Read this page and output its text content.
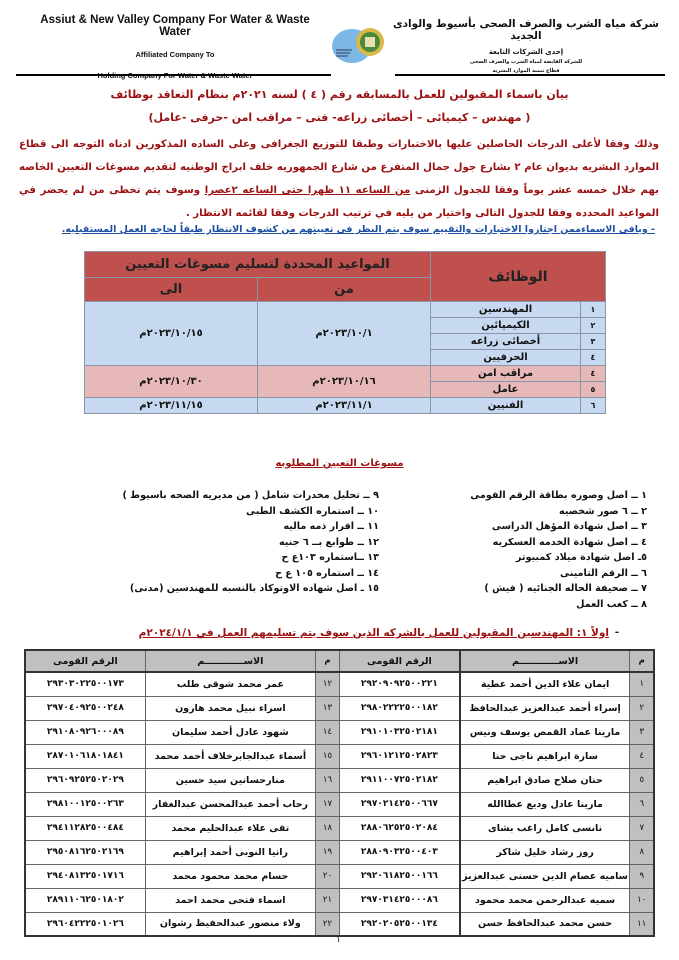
Assiut & New Valley Company For Water & Waste Water
Affiliated Company To
شركة مياه الشرب والصرف الصحى بأسيوط والوادى الجديد
إحدى الشركات التابعة
للشركة القابضة لمياه الشرب والصرف الصحى
قطاع تنمية الموارد البشريه
بيان باسماء المقبولين للعمل بالمسابقه رقم ( ٤ ) لسنه ٢٠٢١م بنظام التعاقد بوظائف
( مهندس – كيميائى – أخصائى زراعه- فنى – مراقب امن -حرفى -عامل)
وذلك وفقا لأعلى الدرجات الحاصلين عليها بالاختبارات وطبقا للتوزيع الجغرافى وعلى الساده المذكورين ادناه التوجه الى قطاع الموارد البشريه بديوان عام ٢ بشارع جول جمال المتفرع من شارع الجمهوريه خلف ابراج الوطنيه لتقديم مسوغات التعيين الخاصه بهم خلال خمسه عشر يوماً وفقا للجدول الزمنى من الساعه ١١ ظهرا حتى الساعه ٢عصرا وسوف يتم تخطى من لم يحضر في المواعيد المحدده وفقا للجدول التالى واختيار من يليه في ترتيب الدرجات وفقا لقائمه الانتظار .
- وباقى الاسماءممن اجتازوا الاختبارات والتقييم سوف يتم النظر فى تعيينهم من كشوف الانتظار طبقاً لحاجه العمل المستقبليه.
الوظائف		المواعيد المحددة لتسليم مسوغات التعيين	
		من	الى
١	المهندسين	٢٠٢٣/١٠/١م	٢٠٢٣/١٠/١٥م
٢	الكيميائين		
٣	أخصائى زراعه		
٤	الحرفيين		
٤	مراقب امن	٢٠٢٣/١٠/١٦م	٢٠٢٣/١٠/٣٠م
٥	عامل		
٦	الفنيين	٢٠٢٣/١١/١م	٢٠٢٣/١١/١٥م
مسوغات التعيين المطلوبه
١ ــ اصل وصوره بطاقة الرقم القومى
٢ ــ ٦ صور شخصيه
٣ ــ اصل شهادة المؤهل الدراسى
٤ ــ اصل شهادة الخدمه العسكريه
٥ـ اصل شهادة ميلاد كمبيوتر
٦ ــ الرقم التامينى
٧ ــ صحيفة الحاله الجنائيه ( فيش )
٨ ــ كعب العمل
٩ ــ تحليل مخدرات شامل ( من مديريه الصحه باسيوط )
١٠ ــ استماره الكشف الطبى
١١ ــ اقرار ذمه ماليه
١٢ ــ طوابع بــ ٦ جنيه
١٣ ــاستماره ١٠٣ع ح
١٤ ــ استماره ١٠٥ ع ح
١٥ ـ اصل شهاده الاوتوكاد بالنسبه للمهندسين (مدنى)
-
اولاً ١: المهندسين المقبولين للعمل بالشركه الذين سوف يتم تسليمهم العمل في ٢٠٢٤/١/١م
م	الاســــــــــــم	الرقم القومى	م	الاســــــــــــم	الرقم القومى
١	ايمان علاء الدين أحمد عطية	٢٩٢٠٩٠٩٢٥٠٠٢٢١	١٢	عمر محمد شوقى طلب	٢٩٣٠٣٠٢٢٥٠٠١٧٣
٢	إسراء أحمد عبدالعزيز عبدالحافظ	٢٩٨٠٢٢٢٢٥٠٠١٨٢	١٣	اسراء نبيل محمد هارون	٢٩٧٠٤٠٩٢٥٠٠٢٤٨
٣	مارينا عماد القمص يوسف ونيس	٢٩١٠١٠٣٢٥٠٢١٨١	١٤	شهود عادل أحمد سليمان	٢٩١٠٨٠٩٢٦٠٠٠٨٩
٤	سارة ابراهيم ناجى حنا	٢٩٦٠١٢١٢٥٠٢٨٢٣	١٥	أسماء عبدالجابرخلاف أحمد محمد	٢٨٧٠١٠٦١٨٠١٨٤١
٥	حنان صلاح صادق ابراهيم	٢٩١١٠٠٧٢٥٠٢١٨٢	١٦	منارحسانين سيد حسين	٢٩٦٠٩٢٥٢٥٠٢٠٢٩
٦	مارينا عادل وديع عطاالله	٢٩٧٠٢١٤٢٥٠٠٦٦٧	١٧	رحاب أحمد عبدالمحسن عبدالغفار	٢٩٨١٠٠١٢٥٠٠٢٦٣
٧	نانسى كامل راغب بشاى	٢٨٨٠٦٢٥٢٥٠٢٠٨٤	١٨	تقى علاء عبدالحليم محمد	٢٩٤١١٢٨٢٥٠٠٤٨٤
٨	روز رشاد خليل شاكر	٢٨٨٠٩٠٣٢٥٠٠٤٠٣	١٩	رانيا النوبى أحمد إبراهيم	٢٩٥٠٨١٦٢٥٠٢١٦٩
٩	ساميه عصام الدين حسنى عبدالعزيز	٢٩٢٠٦١٨٢٥٠٠١٦٦	٢٠	حسام محمد محمود محمد	٢٩٤٠٨١٣٢٥٠١٧١٦
١٠	سميه عبدالرحمن محمد محمود	٢٩٧٠٣١٤٢٥٠٠٠٨٦	٢١	اسماء فتحى محمد احمد	٢٨٩١١٠٦٢٥٠١٨٠٢
١١	حسن محمد عبدالحافظ حسن	٢٩٢٠٢٠٥٢٥٠٠١٣٤	٢٢	ولاء منصور عبدالحفيظ رشوان	٢٩٦٠٤٢٢٢٥٠١٠٢٦
١
